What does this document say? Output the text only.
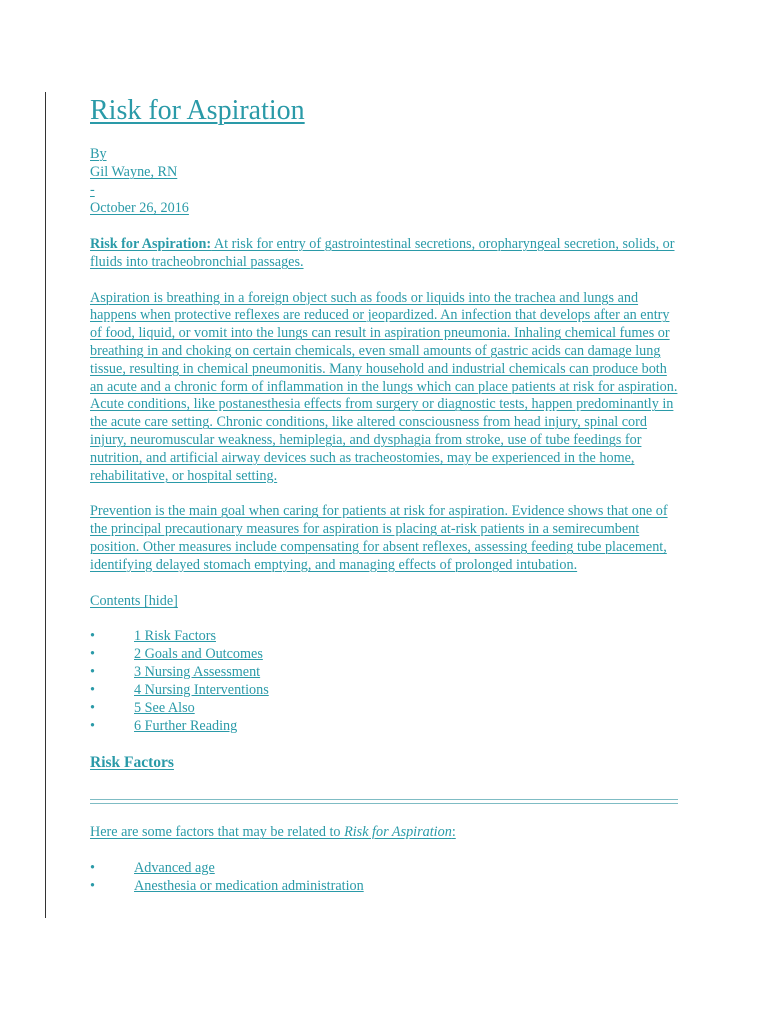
Risk for Aspiration
By
Gil Wayne, RN
-
October 26, 2016
Risk for Aspiration: At risk for entry of gastrointestinal secretions, oropharyngeal secretion, solids, or fluids into tracheobronchial passages.
Aspiration is breathing in a foreign object such as foods or liquids into the trachea and lungs and happens when protective reflexes are reduced or jeopardized. An infection that develops after an entry of food, liquid, or vomit into the lungs can result in aspiration pneumonia. Inhaling chemical fumes or breathing in and choking on certain chemicals, even small amounts of gastric acids can damage lung tissue, resulting in chemical pneumonitis. Many household and industrial chemicals can produce both an acute and a chronic form of inflammation in the lungs which can place patients at risk for aspiration. Acute conditions, like postanesthesia effects from surgery or diagnostic tests, happen predominantly in the acute care setting. Chronic conditions, like altered consciousness from head injury, spinal cord injury, neuromuscular weakness, hemiplegia, and dysphagia from stroke, use of tube feedings for nutrition, and artificial airway devices such as tracheostomies, may be experienced in the home, rehabilitative, or hospital setting.
Prevention is the main goal when caring for patients at risk for aspiration. Evidence shows that one of the principal precautionary measures for aspiration is placing at-risk patients in a semirecumbent position. Other measures include compensating for absent reflexes, assessing feeding tube placement, identifying delayed stomach emptying, and managing effects of prolonged intubation.
Contents [hide]
• 1 Risk Factors
• 2 Goals and Outcomes
• 3 Nursing Assessment
• 4 Nursing Interventions
• 5 See Also
• 6 Further Reading
Risk Factors
Here are some factors that may be related to Risk for Aspiration:
• Advanced age
• Anesthesia or medication administration
